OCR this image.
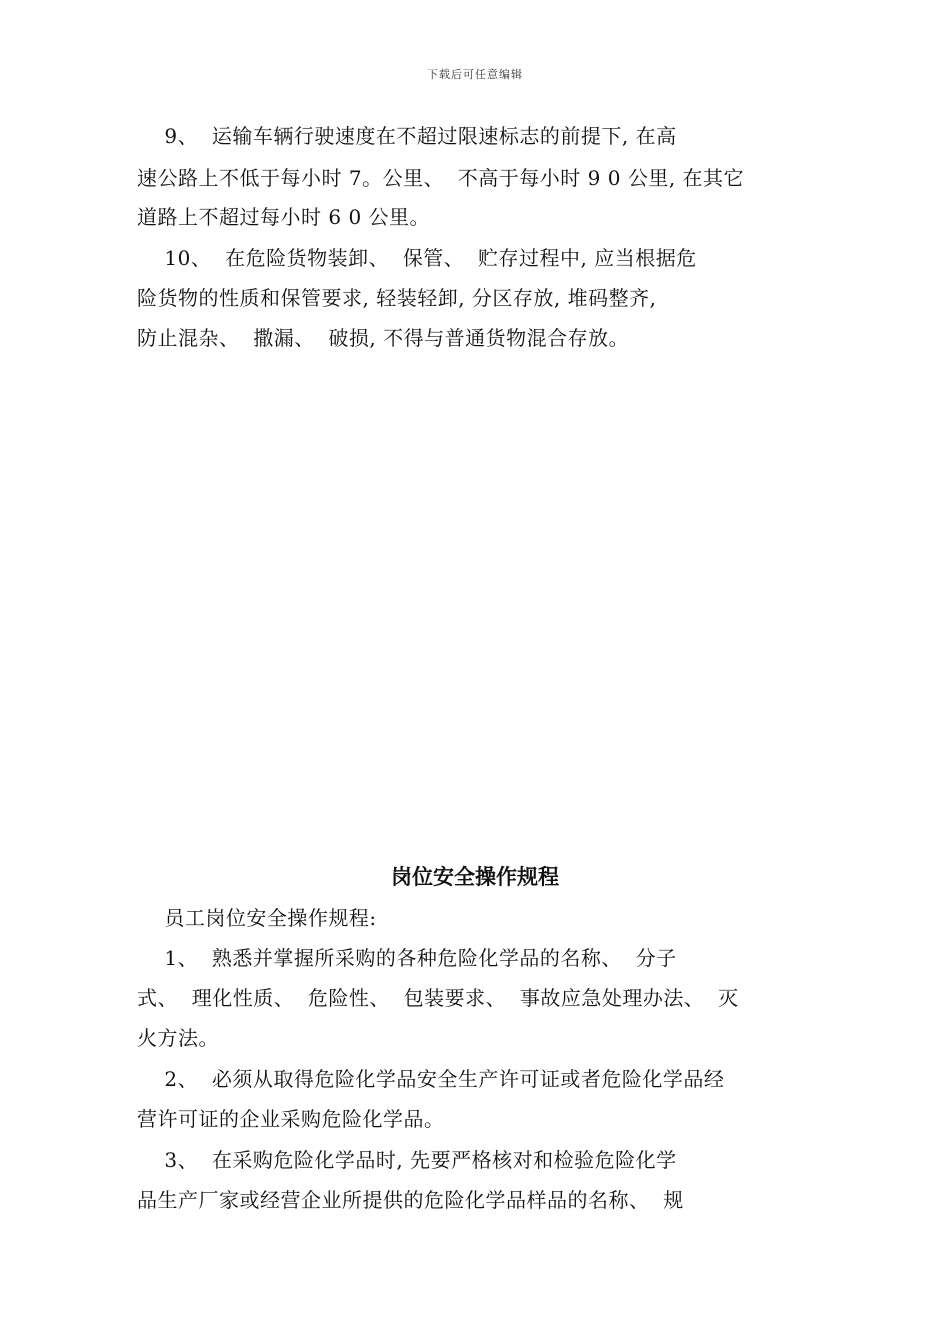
下载后可任意编辑
9、  运输车辆行驶速度在不超过限速标志的前提下, 在高
速公路上不低于每小时 7。公里、  不高于每小时 9 0 公里, 在其它
道路上不超过每小时 6 0 公里。
10、  在危险货物装卸、  保管、  贮存过程中, 应当根据危
险货物的性质和保管要求, 轻装轻卸, 分区存放, 堆码整齐,
防止混杂、  撒漏、  破损, 不得与普通货物混合存放。
岗位安全操作规程
员工岗位安全操作规程:
1、  熟悉并掌握所采购的各种危险化学品的名称、  分子
式、  理化性质、  危险性、  包装要求、  事故应急处理办法、  灭
火方法。
2、  必须从取得危险化学品安全生产许可证或者危险化学品经
营许可证的企业采购危险化学品。
3、  在采购危险化学品时, 先要严格核对和检验危险化学
品生产厂家或经营企业所提供的危险化学品样品的名称、  规
